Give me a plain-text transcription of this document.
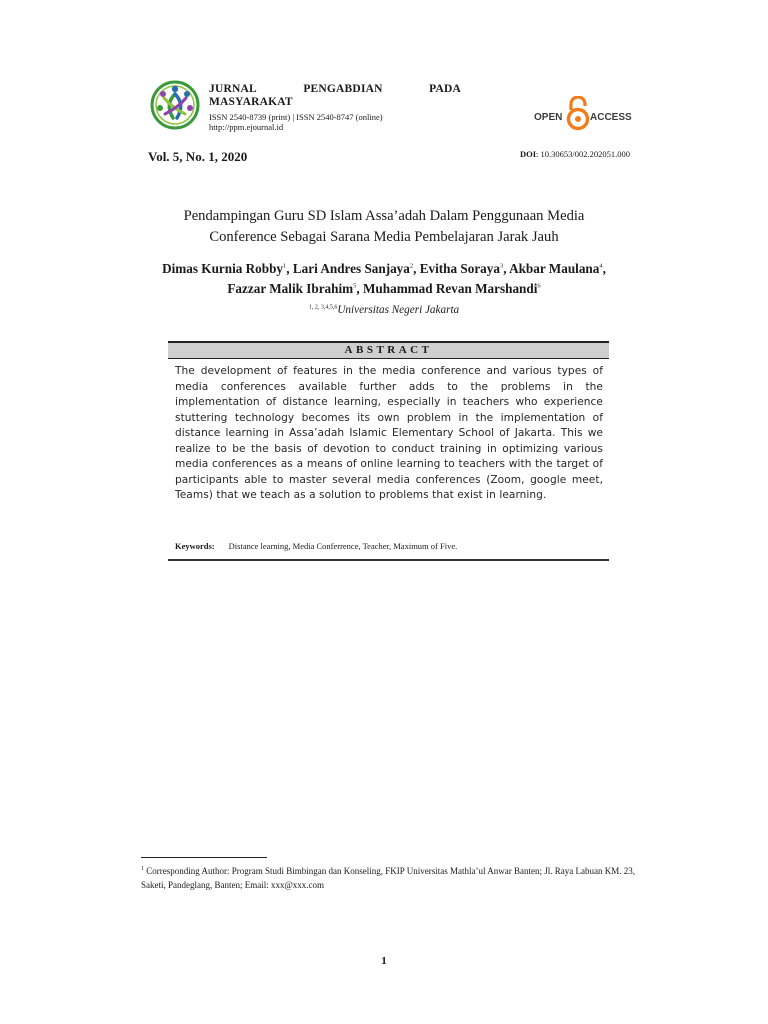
JURNAL	PENGABDIAN	PADA
MASYARAKAT
ISSN 2540-8739 (print) | ISSN 2540-8747 (online)
http://ppm.ejournal.id
OPEN	ACCESS
Vol. 5, No. 1, 2020	DOI: 10.30653/002.202051.000
Pendampingan Guru SD Islam Assa’adah Dalam Penggunaan Media
Conference Sebagai Sarana Media Pembelajaran Jarak Jauh
Dimas Kurnia Robby$^1$, Lari Andres Sanjaya$^2$, Evitha Soraya$^3$, Akbar Maulana$^4$, Fazzar Malik Ibrahim$^5$, Muhammad Revan Marshandi$^6$
$^{1, 2, 3,4,5,6}$Universitas Negeri Jakarta
ABSTRACT
The development of features in the media conference and various types of media conferences available further adds to the problems in the implementation of distance learning, especially in teachers who experience stuttering technology becomes its own problem in the implementation of distance learning in Assa’adah Islamic Elementary School of Jakarta. This we realize to be the basis of devotion to conduct training in optimizing various media conferences as a means of online learning to teachers with the target of participants able to master several media conferences (Zoom, google meet, Teams) that we teach as a solution to problems that exist in learning.
Keywords: Distance learning, Media Conferrence, Teacher, Maximum of Five.
$^1$ Corresponding Author: Program Studi Bimbingan dan Konseling, FKIP Universitas Mathla’ul Anwar Banten; Jl. Raya Labuan KM. 23, Saketi, Pandeglang, Banten; Email: xxx@xxx.com
1
